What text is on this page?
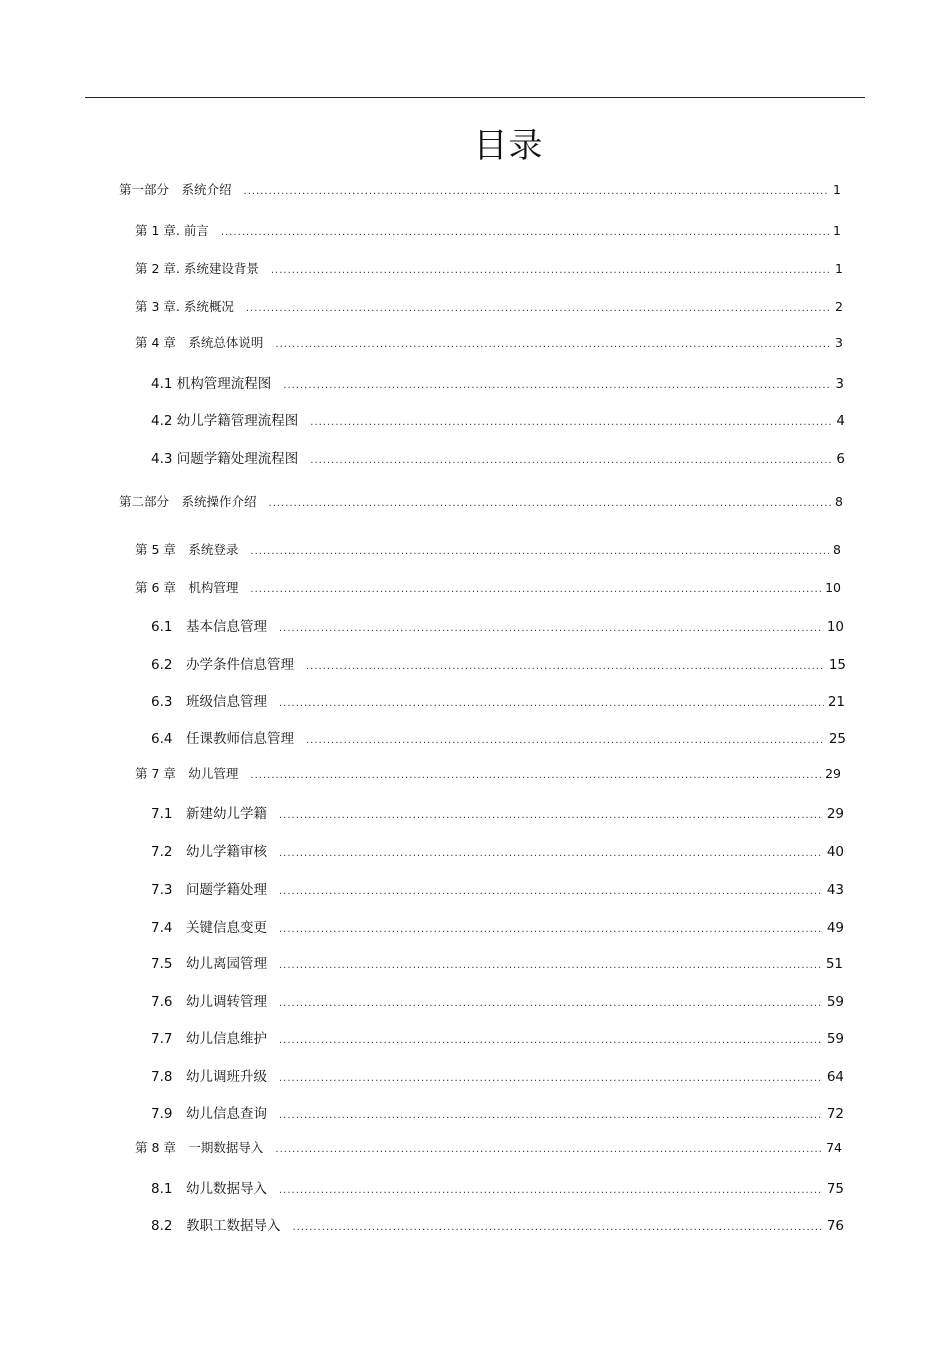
目录
第一部分　系统介绍 .....	1
第 1 章. 前言 .....	1
第 2 章. 系统建设背景 .....	1
第 3 章. 系统概况 .....	2
第 4 章　系统总体说明 .....	3
4.1 机构管理流程图 .....	3
4.2 幼儿学籍管理流程图 .....	4
4.3 问题学籍处理流程图 .....	6
第二部分　系统操作介绍 .....	8
第 5 章　系统登录 .....	8
第 6 章　机构管理 .....	10
6.1　基本信息管理 .....	10
6.2　办学条件信息管理 .....	15
6.3　班级信息管理 .....	21
6.4　任课教师信息管理 .....	25
第 7 章　幼儿管理 .....	29
7.1　新建幼儿学籍 .....	29
7.2　幼儿学籍审核 .....	40
7.3　问题学籍处理 .....	43
7.4　关键信息变更 .....	49
7.5　幼儿离园管理 .....	51
7.6　幼儿调转管理 .....	59
7.7　幼儿信息维护 .....	59
7.8　幼儿调班升级 .....	64
7.9　幼儿信息查询 .....	72
第 8 章　一期数据导入 .....	74
8.1　幼儿数据导入 .....	75
8.2　教职工数据导入 .....	76
